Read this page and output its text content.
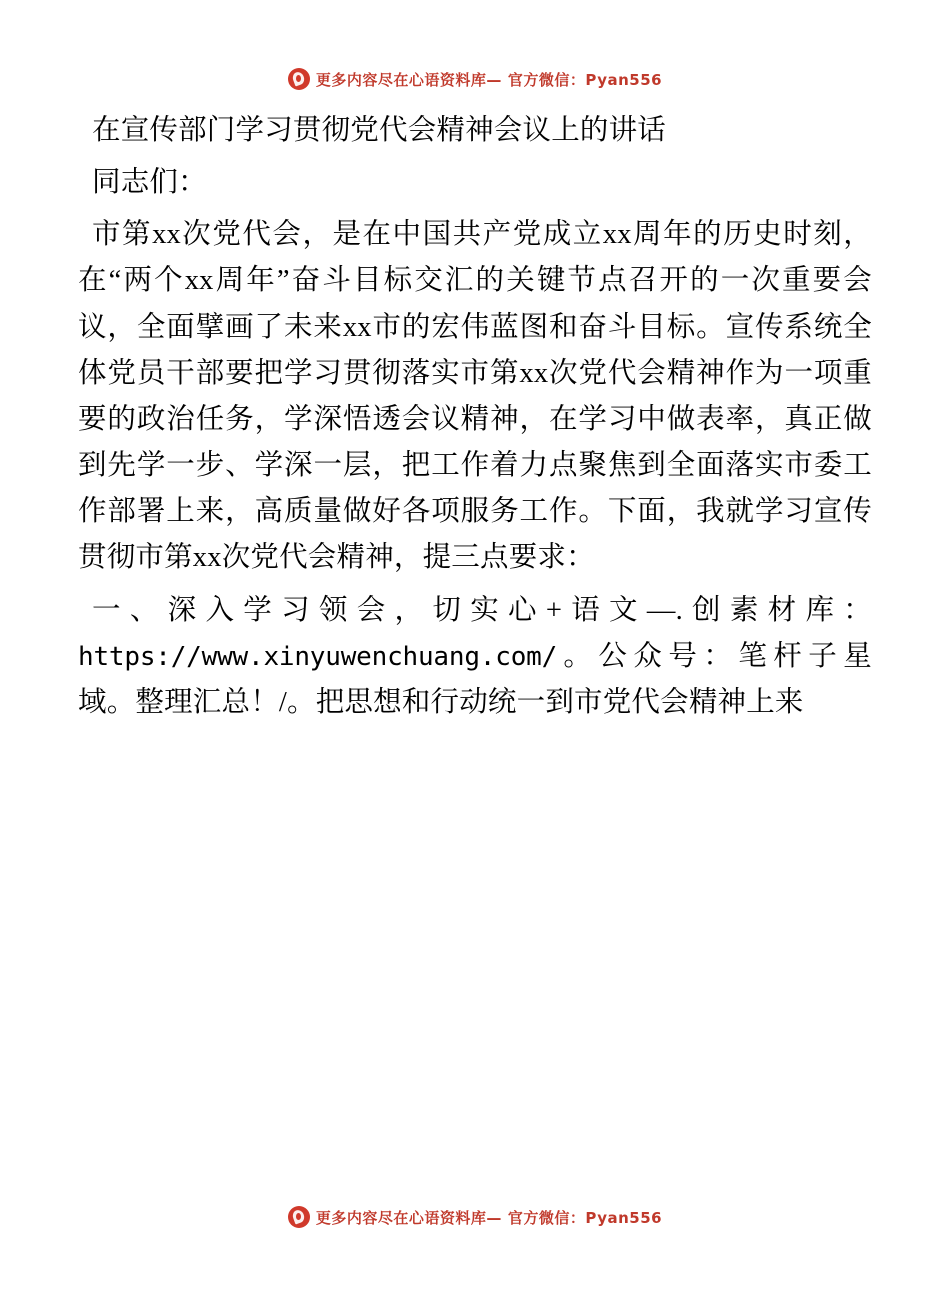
更多内容尽在心语资料库— 官方微信：Pyan556

在宣传部门学习贯彻党代会精神会议上的讲话

同志们：

市第xx次党代会，是在中国共产党成立xx周年的历史时刻，在“两个xx周年”奋斗目标交汇的关键节点召开的一次重要会议，全面擘画了未来xx市的宏伟蓝图和奋斗目标。宣传系统全体党员干部要把学习贯彻落实市第xx次党代会精神作为一项重要的政治任务，学深悟透会议精神，在学习中做表率，真正做到先学一步、学深一层，把工作着力点聚焦到全面落实市委工作部署上来，高质量做好各项服务工作。下面，我就学习宣传贯彻市第xx次党代会精神，提三点要求：

一、深入学习领会，切实心+语文—.创素材库：https://www.xinyuwenchuang.com/。公众号：笔杆子星域。整理汇总！/。把思想和行动统一到市党代会精神上来

更多内容尽在心语资料库— 官方微信：Pyan556
